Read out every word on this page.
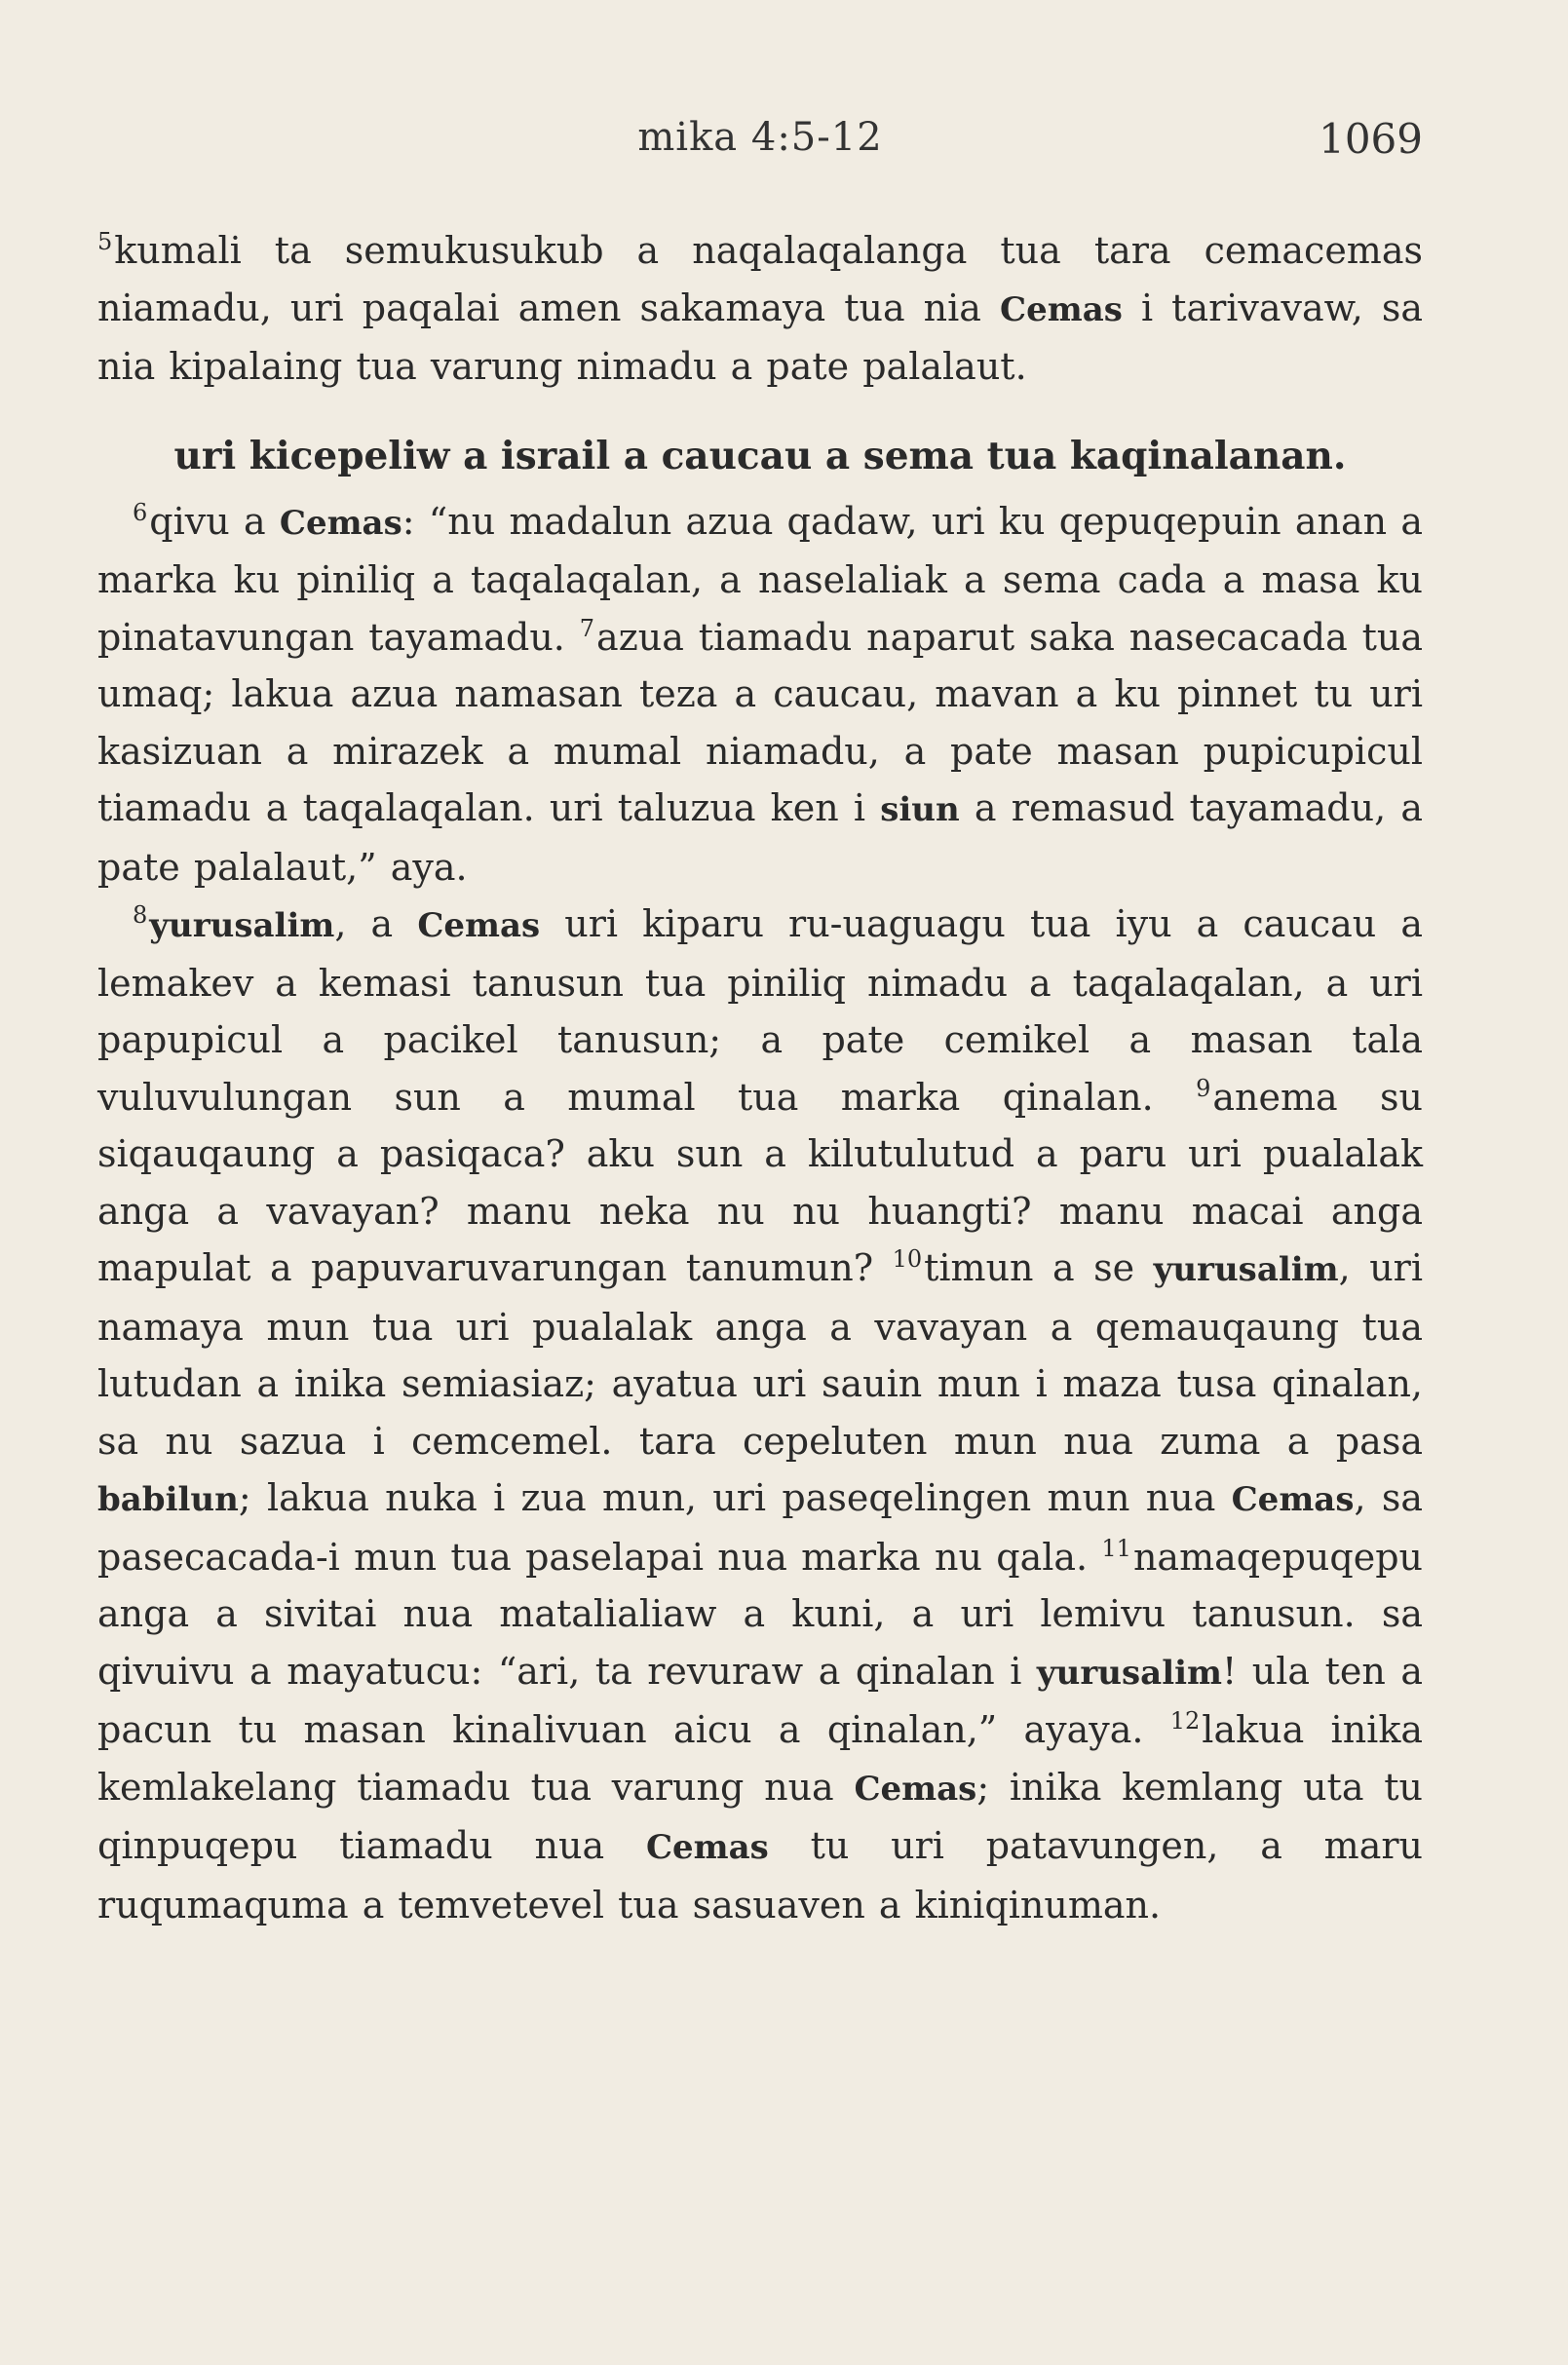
mika 4:5-12	1069

$^5$kumali ta semukusukub a naqalaqalanga tua tara cemacemas niamadu, uri paqalai amen sakamaya tua nia Cemas i tarivavaw, sa nia kipalaing tua varung nimadu a pate palalaut.

uri kicepeliw a israil a caucau a sema tua kaqinalanan.

$^6$qivu a Cemas: “nu madalun azua qadaw, uri ku qepuqepuin anan a marka ku piniliq a taqalaqalan, a naselaliak a sema cada a masa ku pinatavungan tayamadu. $^7$azua tiamadu naparut saka nasecacada tua umaq; lakua azua namasan teza a caucau, mavan a ku pinnet tu uri kasizuan a mirazek a mumal niamadu, a pate masan pupicupicul tiamadu a taqalaqalan. uri taluzua ken i siun a remasud tayamadu, a pate palalaut,” aya.

$^8$yurusalim, a Cemas uri kiparu ru-uaguagu tua iyu a caucau a lemakev a kemasi tanusun tua piniliq nimadu a taqalaqalan, a uri papupicul a pacikel tanusun; a pate cemikel a masan tala vuluvulungan sun a mumal tua marka qinalan. $^9$anema su siqauqaung a pasiqaca? aku sun a kilutulutud a paru uri pualalak anga a vavayan? manu neka nu nu huangti? manu macai anga mapulat a papuvaruvarungan tanumun? $^{10}$timun a se yurusalim, uri namaya mun tua uri pualalak anga a vavayan a qemauqaung tua lutudan a inika semiasiaz; ayatua uri sauin mun i maza tusa qinalan, sa nu sazua i cemcemel. tara cepeluten mun nua zuma a pasa babilun; lakua nuka i zua mun, uri paseqelingen mun nua Cemas, sa pasecacada-i mun tua paselapai nua marka nu qala. $^{11}$namaqepuqepu anga a sivitai nua matalialiaw a kuni, a uri lemivu tanusun. sa qivuivu a mayatucu: “ari, ta revuraw a qinalan i yurusalim! ula ten a pacun tu masan kinalivuan aicu a qinalan,” ayaya. $^{12}$lakua inika kemlakelang tiamadu tua varung nua Cemas; inika kemlang uta tu qinpuqepu tiamadu nua Cemas tu uri patavungen, a maru ruqumaquma a temvetevel tua sasuaven a kiniqinuman.
